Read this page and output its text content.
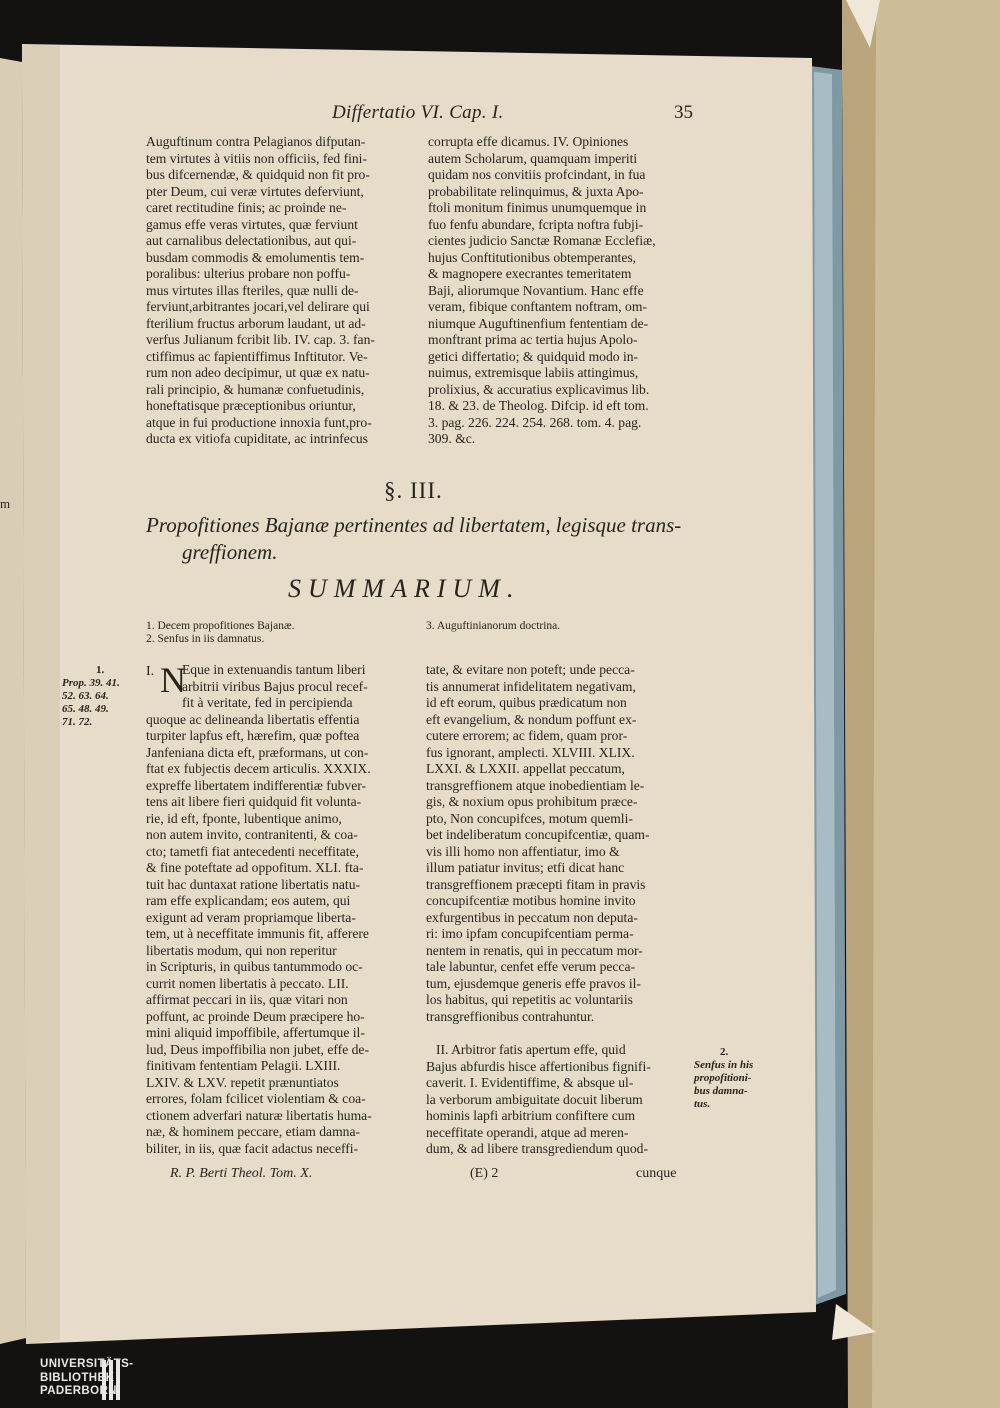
m
Differtatio VI. Cap. I.	35
Auguftinum contra Pelagianos difputan-
tem virtutes à vitiis non officiis, fed fini-
bus difcernendæ, & quidquid non fit pro-
pter Deum, cui veræ virtutes deferviunt,
caret rectitudine finis; ac proinde ne-
gamus effe veras virtutes, quæ ferviunt
aut carnalibus delectationibus, aut qui-
busdam commodis & emolumentis tem-
poralibus: ulterius probare non poffu-
mus virtutes illas fteriles, quæ nulli de-
ferviunt,arbitrantes jocari,vel delirare qui
fterilium fructus arborum laudant, ut ad-
verfus Julianum fcribit lib. IV. cap. 3. fan-
ctiffimus ac fapientiffimus Inftitutor. Ve-
rum non adeo decipimur, ut quæ ex natu-
rali principio, & humanæ confuetudinis,
honeftatisque præceptionibus oriuntur,
atque in fui productione innoxia funt,pro-
ducta ex vitiofa cupiditate, ac intrinfecus
corrupta effe dicamus. IV. Opiniones
autem Scholarum, quamquam imperiti
quidam nos convitiis profcindant, in fua
probabilitate relinquimus, & juxta Apo-
ftoli monitum finimus unumquemque in
fuo fenfu abundare, fcripta noftra fubji-
cientes judicio Sanctæ Romanæ Ecclefiæ,
hujus Conftitutionibus obtemperantes,
& magnopere execrantes temeritatem
Baji, aliorumque Novantium. Hanc effe
veram, fibique conftantem noftram, om-
niumque Auguftinenfium fententiam de-
monftrant prima ac tertia hujus Apolo-
getici differtatio; & quidquid modo in-
nuimus, extremisque labiis attingimus,
prolixius, & accuratius explicavimus lib.
18. & 23. de Theolog. Difcip. id eft tom.
3. pag. 226. 224. 254. 268. tom. 4. pag.
309. &c.
§. III.
Propofitiones Bajanæ pertinentes ad libertatem, legisque trans-
greffionem.
SUMMARIUM.
1. Decem propofitiones Bajanæ.
2. Senfus in iis damnatus.
3. Auguftinianorum doctrina.
1.
Prop. 39. 41.
52. 63. 64.
65. 48. 49.
71. 72.
I. N
Eque in extenuandis tantum liberi
arbitrii viribus Bajus procul recef-
fit à veritate, fed in percipienda
quoque ac delineanda libertatis effentia
turpiter lapfus eft, hærefim, quæ poftea
Janfeniana dicta eft, præformans, ut con-
ftat ex fubjectis decem articulis. XXXIX.
expreffe libertatem indifferentiæ fubver-
tens ait libere fieri quidquid fit volunta-
rie, id eft, fponte, lubentique animo,
non autem invito, contranitenti, & coa-
cto; tametfi fiat antecedenti neceffitate,
& fine poteftate ad oppofitum. XLI. fta-
tuit hac duntaxat ratione libertatis natu-
ram effe explicandam; eos autem, qui
exigunt ad veram propriamque liberta-
tem, ut à neceffitate immunis fit, afferere
libertatis modum, qui non reperitur
in Scripturis, in quibus tantummodo oc-
currit nomen libertatis à peccato. LII.
affirmat peccari in iis, quæ vitari non
poffunt, ac proinde Deum præcipere ho-
mini aliquid impoffibile, affertumque il-
lud, Deus impoffibilia non jubet, effe de-
finitivam fententiam Pelagii. LXIII.
LXIV. & LXV. repetit prænuntiatos
errores, folam fcilicet violentiam & coa-
ctionem adverfari naturæ libertatis huma-
næ, & hominem peccare, etiam damna-
biliter, in iis, quæ facit adactus neceffi-
tate, & evitare non poteft; unde pecca-
tis annumerat infidelitatem negativam,
id eft eorum, quibus prædicatum non
eft evangelium, & nondum poffunt ex-
cutere errorem; ac fidem, quam pror-
fus ignorant, amplecti. XLVIII. XLIX.
LXXI. & LXXII. appellat peccatum,
transgreffionem atque inobedientiam le-
gis, & noxium opus prohibitum præce-
pto, Non concupifces, motum quemli-
bet indeliberatum concupifcentiæ, quam-
vis illi homo non affentiatur, imo &
illum patiatur invitus; etfi dicat hanc
transgreffionem præcepti fitam in pravis
concupifcentiæ motibus homine invito
exfurgentibus in peccatum non deputa-
ri: imo ipfam concupifcentiam perma-
nentem in renatis, qui in peccatum mor-
tale labuntur, cenfet effe verum pecca-
tum, ejusdemque generis effe pravos il-
los habitus, qui repetitis ac voluntariis
transgreffionibus contrahuntur.
II. Arbitror fatis apertum effe, quid
Bajus abfurdis hisce affertionibus fignifi-
caverit. I. Evidentiffime, & absque ul-
la verborum ambiguitate docuit liberum
hominis lapfi arbitrium confiftere cum
neceffitate operandi, atque ad meren-
dum, & ad libere transgrediendum quod-
2.
Senfus in his
propofitioni-
bus damna-
tus.
R. P. Berti Theol. Tom. X.	(E) 2	cunque
UNIVERSITÄTS-
BIBLIOTHEK
PADERBORN
